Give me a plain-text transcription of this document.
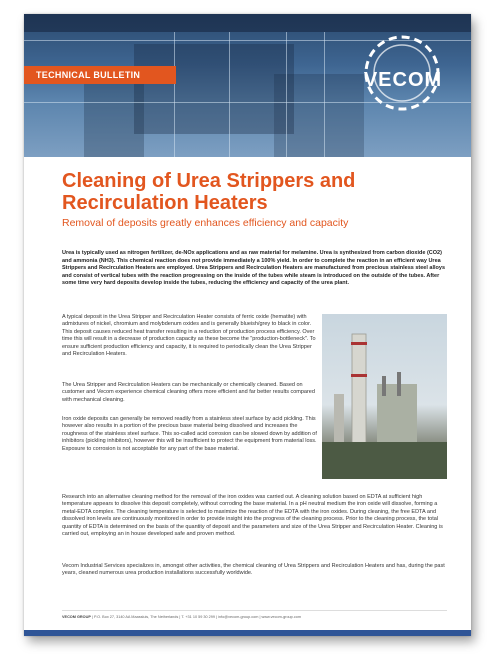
TECHNICAL BULLETIN	VECOM
Cleaning of Urea Strippers and Recirculation Heaters
Removal of deposits greatly enhances efficiency and capacity
Urea is typically used as nitrogen fertilizer, de-NOx applications and as raw material for melamine. Urea is synthesized from carbon dioxide (CO2) and ammonia (NH3). This chemical reaction does not provide immediately a 100% yield. In order to complete the reaction in an efficient way Urea Strippers and Recirculation Heaters are employed. Urea Strippers and Recirculation Heaters are manufactured from precious stainless steel alloys and consist of vertical tubes with the reaction progressing on the inside of the tubes while steam is introduced on the outside of the tubes. After some time very hard deposits develop inside the tubes, reducing the efficiency and capacity of the urea plant.
A typical deposit in the Urea Stripper and Recirculation Heater consists of ferric oxide (hematite) with admixtures of nickel, chromium and molybdenum oxides and is generally blueish/grey to black in color. This deposit causes reduced heat transfer resulting in a reduction of production process efficiency. Over time this will result in a decrease of production capacity as these become the "production-bottleneck". To ensure sufficient production efficiency and capacity, it is required to periodically clean the Urea Stripper and Recirculation Heaters.
The Urea Stripper and Recirculation Heaters can be mechanically or chemically cleaned. Based on customer and Vecom experience chemical cleaning offers more efficient and far better results compared with mechanical cleaning.
Iron oxide deposits can generally be removed readily from a stainless steel surface by acid pickling. This however also results in a portion of the precious base material being dissolved and increases the roughness of the stainless steel surface. This so-called acid corrosion can be slowed down by addition of inhibitors (pickling inhibitors), however this will be insufficient to protect the equipment from material loss. Exposure to corrosion is not acceptable for any part of the base material.
Research into an alternative cleaning method for the removal of the iron oxides was carried out. A cleaning solution based on EDTA at sufficient high temperature appears to dissolve this deposit completely, without corroding the base material. In a pH neutral medium the iron oxide will dissolve, forming a metal-EDTA complex. The cleaning temperature is selected to maximize the reaction of the EDTA with the iron oxides. During cleaning, the free EDTA and dissolved iron levels are continuously monitored in order to provide insight into the progress of the cleaning process. Prior to the cleaning process, the total quantity of EDTA is determined on the basis of the quantity of deposit and the parameters and size of the Urea Stripper and Recirculation Heater. Cleaning is carried out, employing an in house developed safe and proven method.
Vecom Industrial Services specializes in, amongst other activities, the chemical cleaning of Urea Strippers and Recirculation Heaters and has, during the past years, cleaned numerous urea production installations successfully worldwide.
VECOM GROUP | P.O. Box 27, 3140 AA Maassluis, The Netherlands | T. +31 10 59 30 299 | info@vecom-group.com | www.vecom-group.com
